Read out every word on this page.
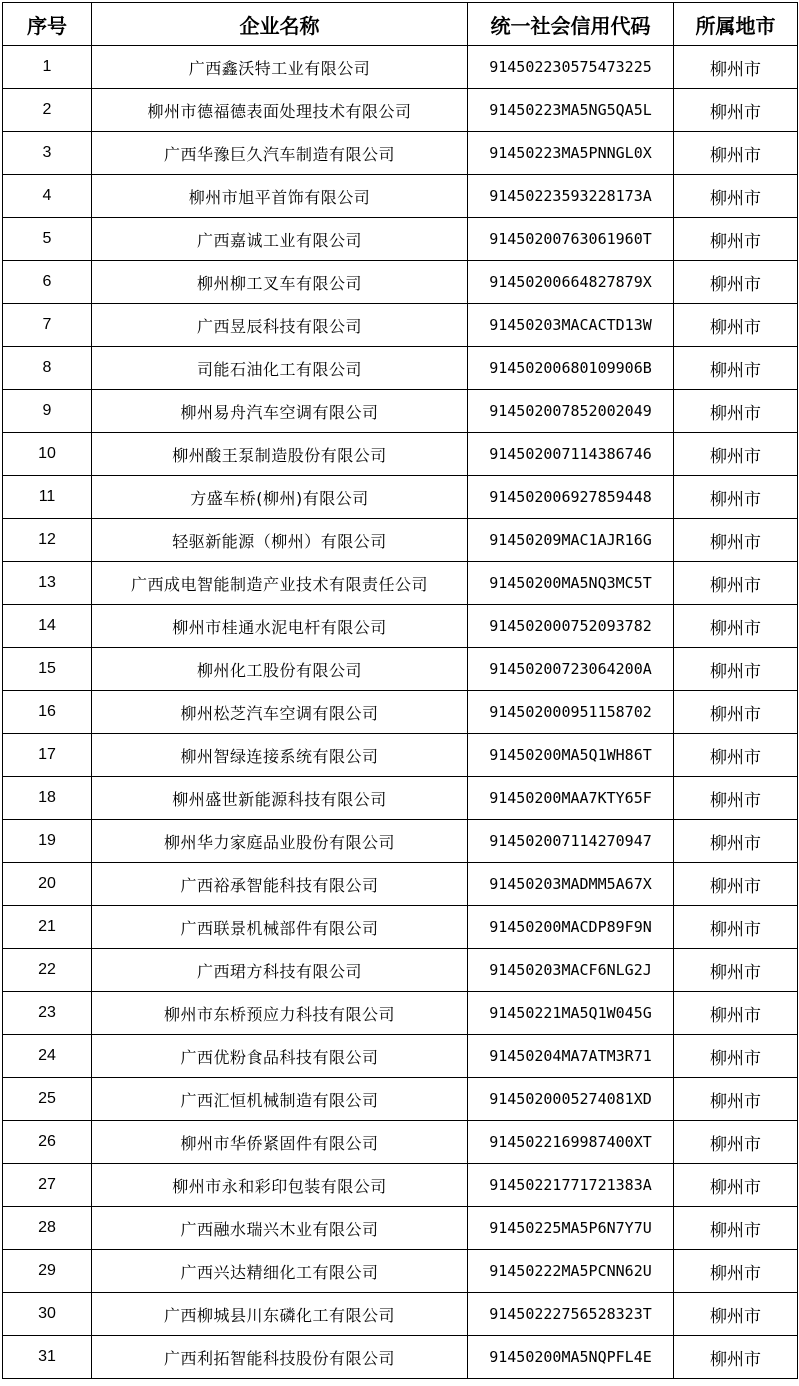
序号	企业名称	统一社会信用代码	所属地市
1	广西鑫沃特工业有限公司	914502230575473225	柳州市
2	柳州市德福德表面处理技术有限公司	91450223MA5NG5QA5L	柳州市
3	广西华豫巨久汽车制造有限公司	91450223MA5PNNGL0X	柳州市
4	柳州市旭平首饰有限公司	91450223593228173A	柳州市
5	广西嘉诚工业有限公司	91450200763061960T	柳州市
6	柳州柳工叉车有限公司	91450200664827879X	柳州市
7	广西昱辰科技有限公司	91450203MACACTD13W	柳州市
8	司能石油化工有限公司	91450200680109906B	柳州市
9	柳州易舟汽车空调有限公司	914502007852002049	柳州市
10	柳州酸王泵制造股份有限公司	914502007114386746	柳州市
11	方盛车桥(柳州)有限公司	914502006927859448	柳州市
12	轻驱新能源（柳州）有限公司	91450209MAC1AJR16G	柳州市
13	广西成电智能制造产业技术有限责任公司	91450200MA5NQ3MC5T	柳州市
14	柳州市桂通水泥电杆有限公司	914502000752093782	柳州市
15	柳州化工股份有限公司	91450200723064200A	柳州市
16	柳州松芝汽车空调有限公司	914502000951158702	柳州市
17	柳州智绿连接系统有限公司	91450200MA5Q1WH86T	柳州市
18	柳州盛世新能源科技有限公司	91450200MAA7KTY65F	柳州市
19	柳州华力家庭品业股份有限公司	914502007114270947	柳州市
20	广西裕承智能科技有限公司	91450203MADMM5A67X	柳州市
21	广西联景机械部件有限公司	91450200MACDP89F9N	柳州市
22	广西珺方科技有限公司	91450203MACF6NLG2J	柳州市
23	柳州市东桥预应力科技有限公司	91450221MA5Q1W045G	柳州市
24	广西优粉食品科技有限公司	91450204MA7ATM3R71	柳州市
25	广西汇恒机械制造有限公司	9145020005274081XD	柳州市
26	柳州市华侨紧固件有限公司	9145022169987400XT	柳州市
27	柳州市永和彩印包装有限公司	91450221771721383A	柳州市
28	广西融水瑞兴木业有限公司	91450225MA5P6N7Y7U	柳州市
29	广西兴达精细化工有限公司	91450222MA5PCNN62U	柳州市
30	广西柳城县川东磷化工有限公司	91450222756528323T	柳州市
31	广西利拓智能科技股份有限公司	91450200MA5NQPFL4E	柳州市
